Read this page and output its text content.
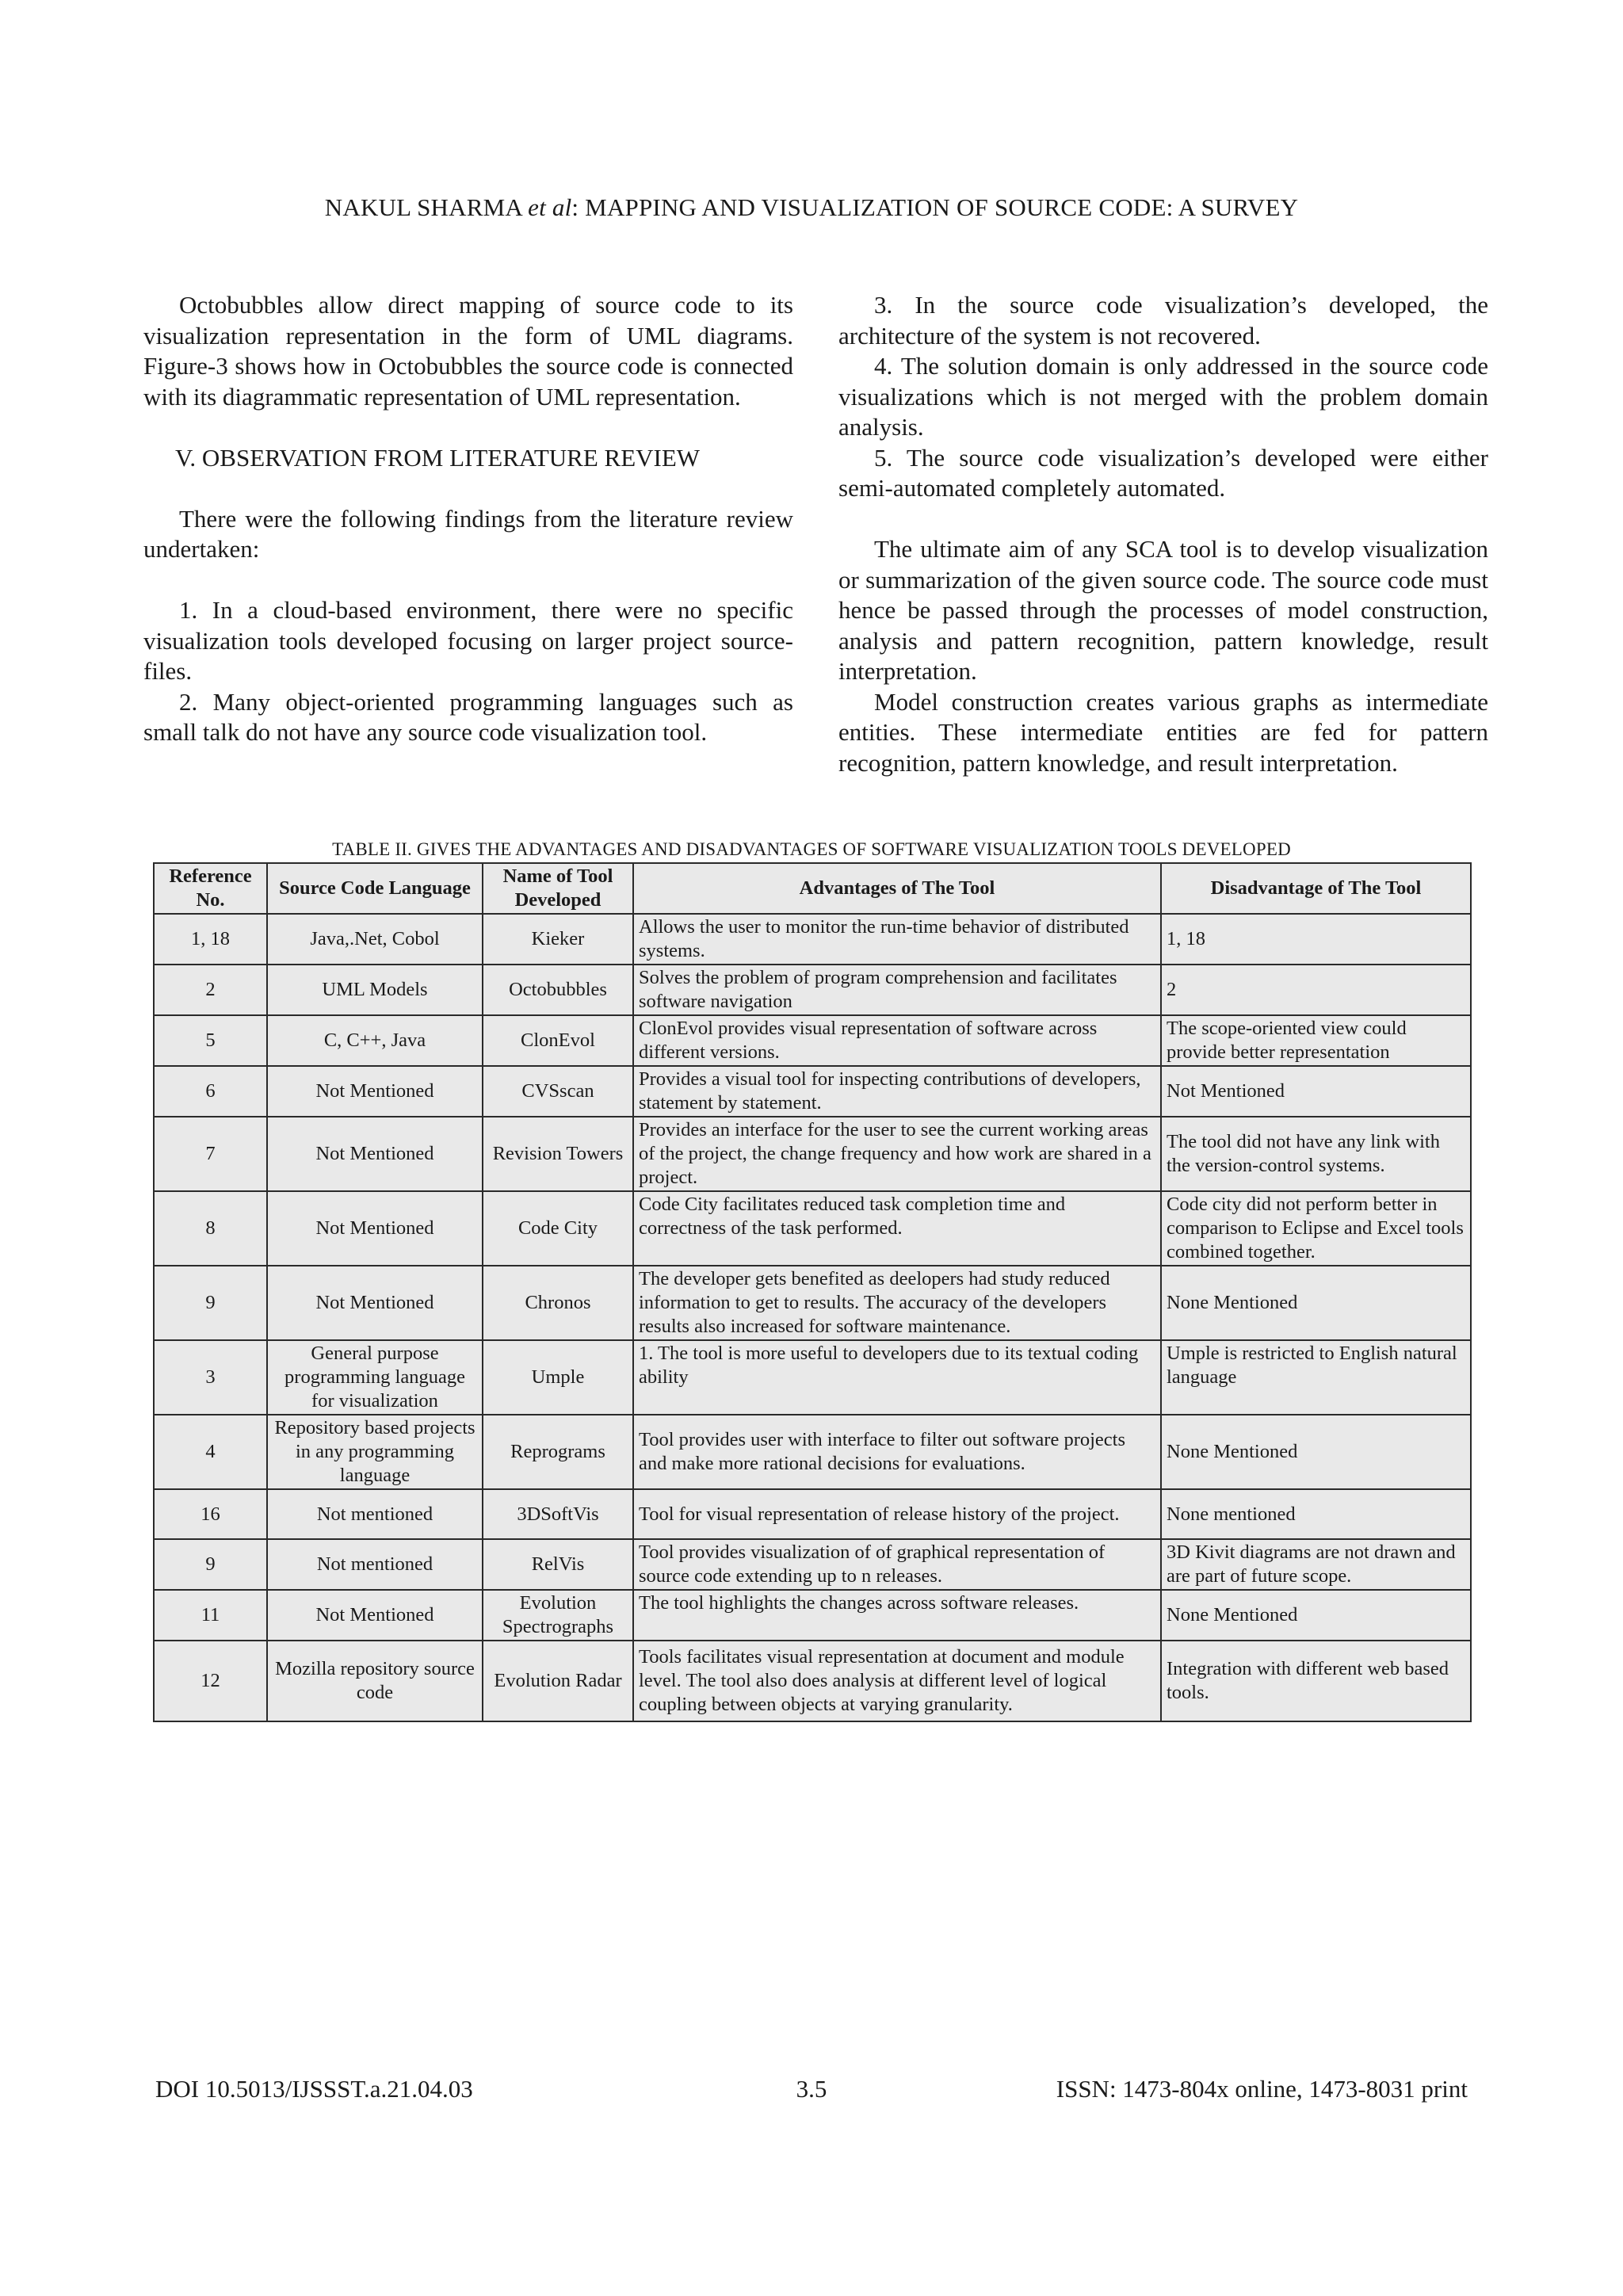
NAKUL SHARMA et al: MAPPING AND VISUALIZATION OF SOURCE CODE: A SURVEY

Octobubbles allow direct mapping of source code to its visualization representation in the form of UML diagrams. Figure-3 shows how in Octobubbles the source code is connected with its diagrammatic representation of UML representation.

V. OBSERVATION FROM LITERATURE REVIEW

There were the following findings from the literature review undertaken:

1. In a cloud-based environment, there were no specific visualization tools developed focusing on larger project source-files.

2. Many object-oriented programming languages such as small talk do not have any source code visualization tool.

3. In the source code visualization’s developed, the architecture of the system is not recovered.

4. The solution domain is only addressed in the source code visualizations which is not merged with the problem domain analysis.

5. The source code visualization’s developed were either semi-automated completely automated.

The ultimate aim of any SCA tool is to develop visualization or summarization of the given source code. The source code must hence be passed through the processes of model construction, analysis and pattern recognition, pattern knowledge, result interpretation.

Model construction creates various graphs as intermediate entities. These intermediate entities are fed for pattern recognition, pattern knowledge, and result interpretation.

TABLE II. GIVES THE ADVANTAGES AND DISADVANTAGES OF SOFTWARE VISUALIZATION TOOLS DEVELOPED
Reference No.	Source Code Language	Name of Tool Developed	Advantages of The Tool	Disadvantage of The Tool
1, 18	Java,.Net, Cobol	Kieker	Allows the user to monitor the run-time behavior of distributed systems.	1, 18
2	UML Models	Octobubbles	Solves the problem of program comprehension and facilitates software navigation	2
5	C, C++, Java	ClonEvol	ClonEvol provides visual representation of software across different versions.	The scope-oriented view could provide better representation
6	Not Mentioned	CVSscan	Provides a visual tool for inspecting contributions of developers, statement by statement.	Not Mentioned
7	Not Mentioned	Revision Towers	Provides an interface for the user to see the current working areas of the project, the change frequency and how work are shared in a project.	The tool did not have any link with the version-control systems.
8	Not Mentioned	Code City	Code City facilitates reduced task completion time and correctness of the task performed.	Code city did not perform better in comparison to Eclipse and Excel tools combined together.
9	Not Mentioned	Chronos	The developer gets benefited as deelopers had study reduced information to get to results. The accuracy of the developers results also increased for software maintenance.	None Mentioned
3	General purpose programming language for visualization	Umple	1. The tool is more useful to developers due to its textual coding ability	Umple is restricted to English natural language
4	Repository based projects in any programming language	Reprograms	Tool provides user with interface to filter out software projects and make more rational decisions for evaluations.	None Mentioned
16	Not mentioned	3DSoftVis	Tool for visual representation of release history of the project.	None mentioned
9	Not mentioned	RelVis	Tool provides visualization of of graphical representation of source code extending up to n releases.	3D Kivit diagrams are not drawn and are part of future scope.
11	Not Mentioned	Evolution Spectrographs	The tool highlights the changes across software releases.	None Mentioned
12	Mozilla repository source code	Evolution Radar	Tools facilitates visual representation at document and module level. The tool also does analysis at different level of logical coupling between objects at varying granularity.	Integration with different web based tools.
DOI 10.5013/IJSSST.a.21.04.03	3.5	ISSN: 1473-804x online, 1473-8031 print
